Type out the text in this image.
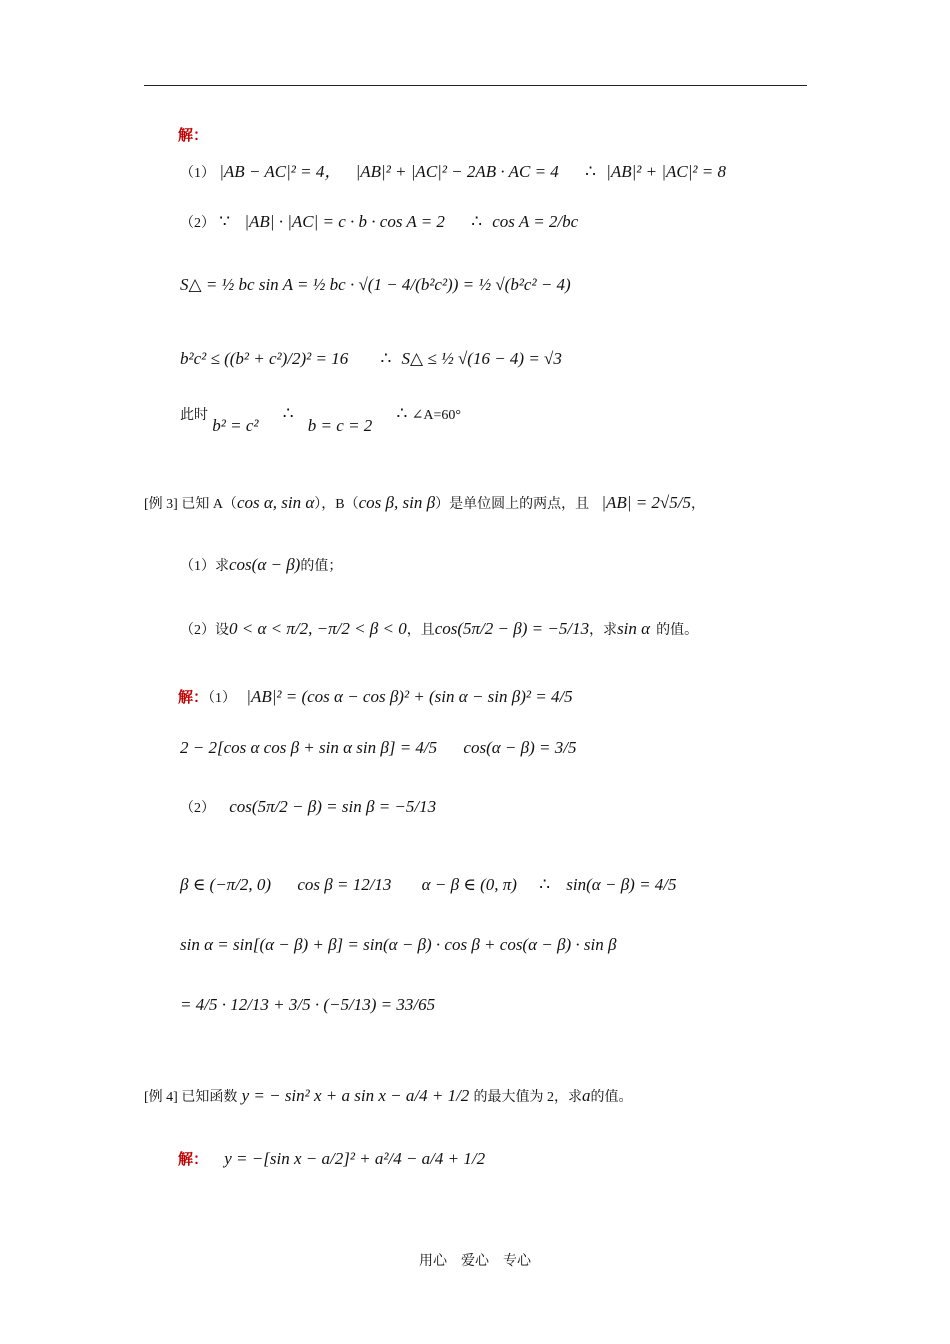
解：
（1） |AB − AC|² = 4， |AB|² + |AC|² − 2AB · AC = 4 ∴ |AB|² + |AC|² = 8
（2） ∵ |AB| · |AC| = c · b · cos A = 2 ∴ cos A = 2/bc
S△ = ½ bc sin A = ½ bc · √(1 − 4/(b²c²)) = ½ √(b²c² − 4)
b²c² ≤ ((b² + c²)/2)² = 16 ∴ S△ ≤ ½ √(16 − 4) = √3
此时 b² = c² ∴ b = c = 2 ∴ ∠A=60°
[例 3] 已知 A（cos α, sin α），B（cos β, sin β）是单位圆上的两点，且 |AB| = 2√5/5，
（1）求cos(α − β)的值；
（2）设0 < α < π/2, −π/2 < β < 0，且cos(5π/2 − β) = −5/13，求sin α 的值。
解：（1） |AB|² = (cos α − cos β)² + (sin α − sin β)² = 4/5
2 − 2[cos α cos β + sin α sin β] = 4/5 cos(α − β) = 3/5
（2） cos(5π/2 − β) = sin β = −5/13
β ∈ (−π/2, 0) cos β = 12/13 α − β ∈ (0, π) ∴ sin(α − β) = 4/5
sin α = sin[(α − β) + β] = sin(α − β) · cos β + cos(α − β) · sin β
= 4/5 · 12/13 + 3/5 · (−5/13) = 33/65
[例 4] 已知函数 y = − sin² x + a sin x − a/4 + 1/2 的最大值为 2，求a的值。
解： y = −[sin x − a/2]² + a²/4 − a/4 + 1/2
用心　爱心　专心
